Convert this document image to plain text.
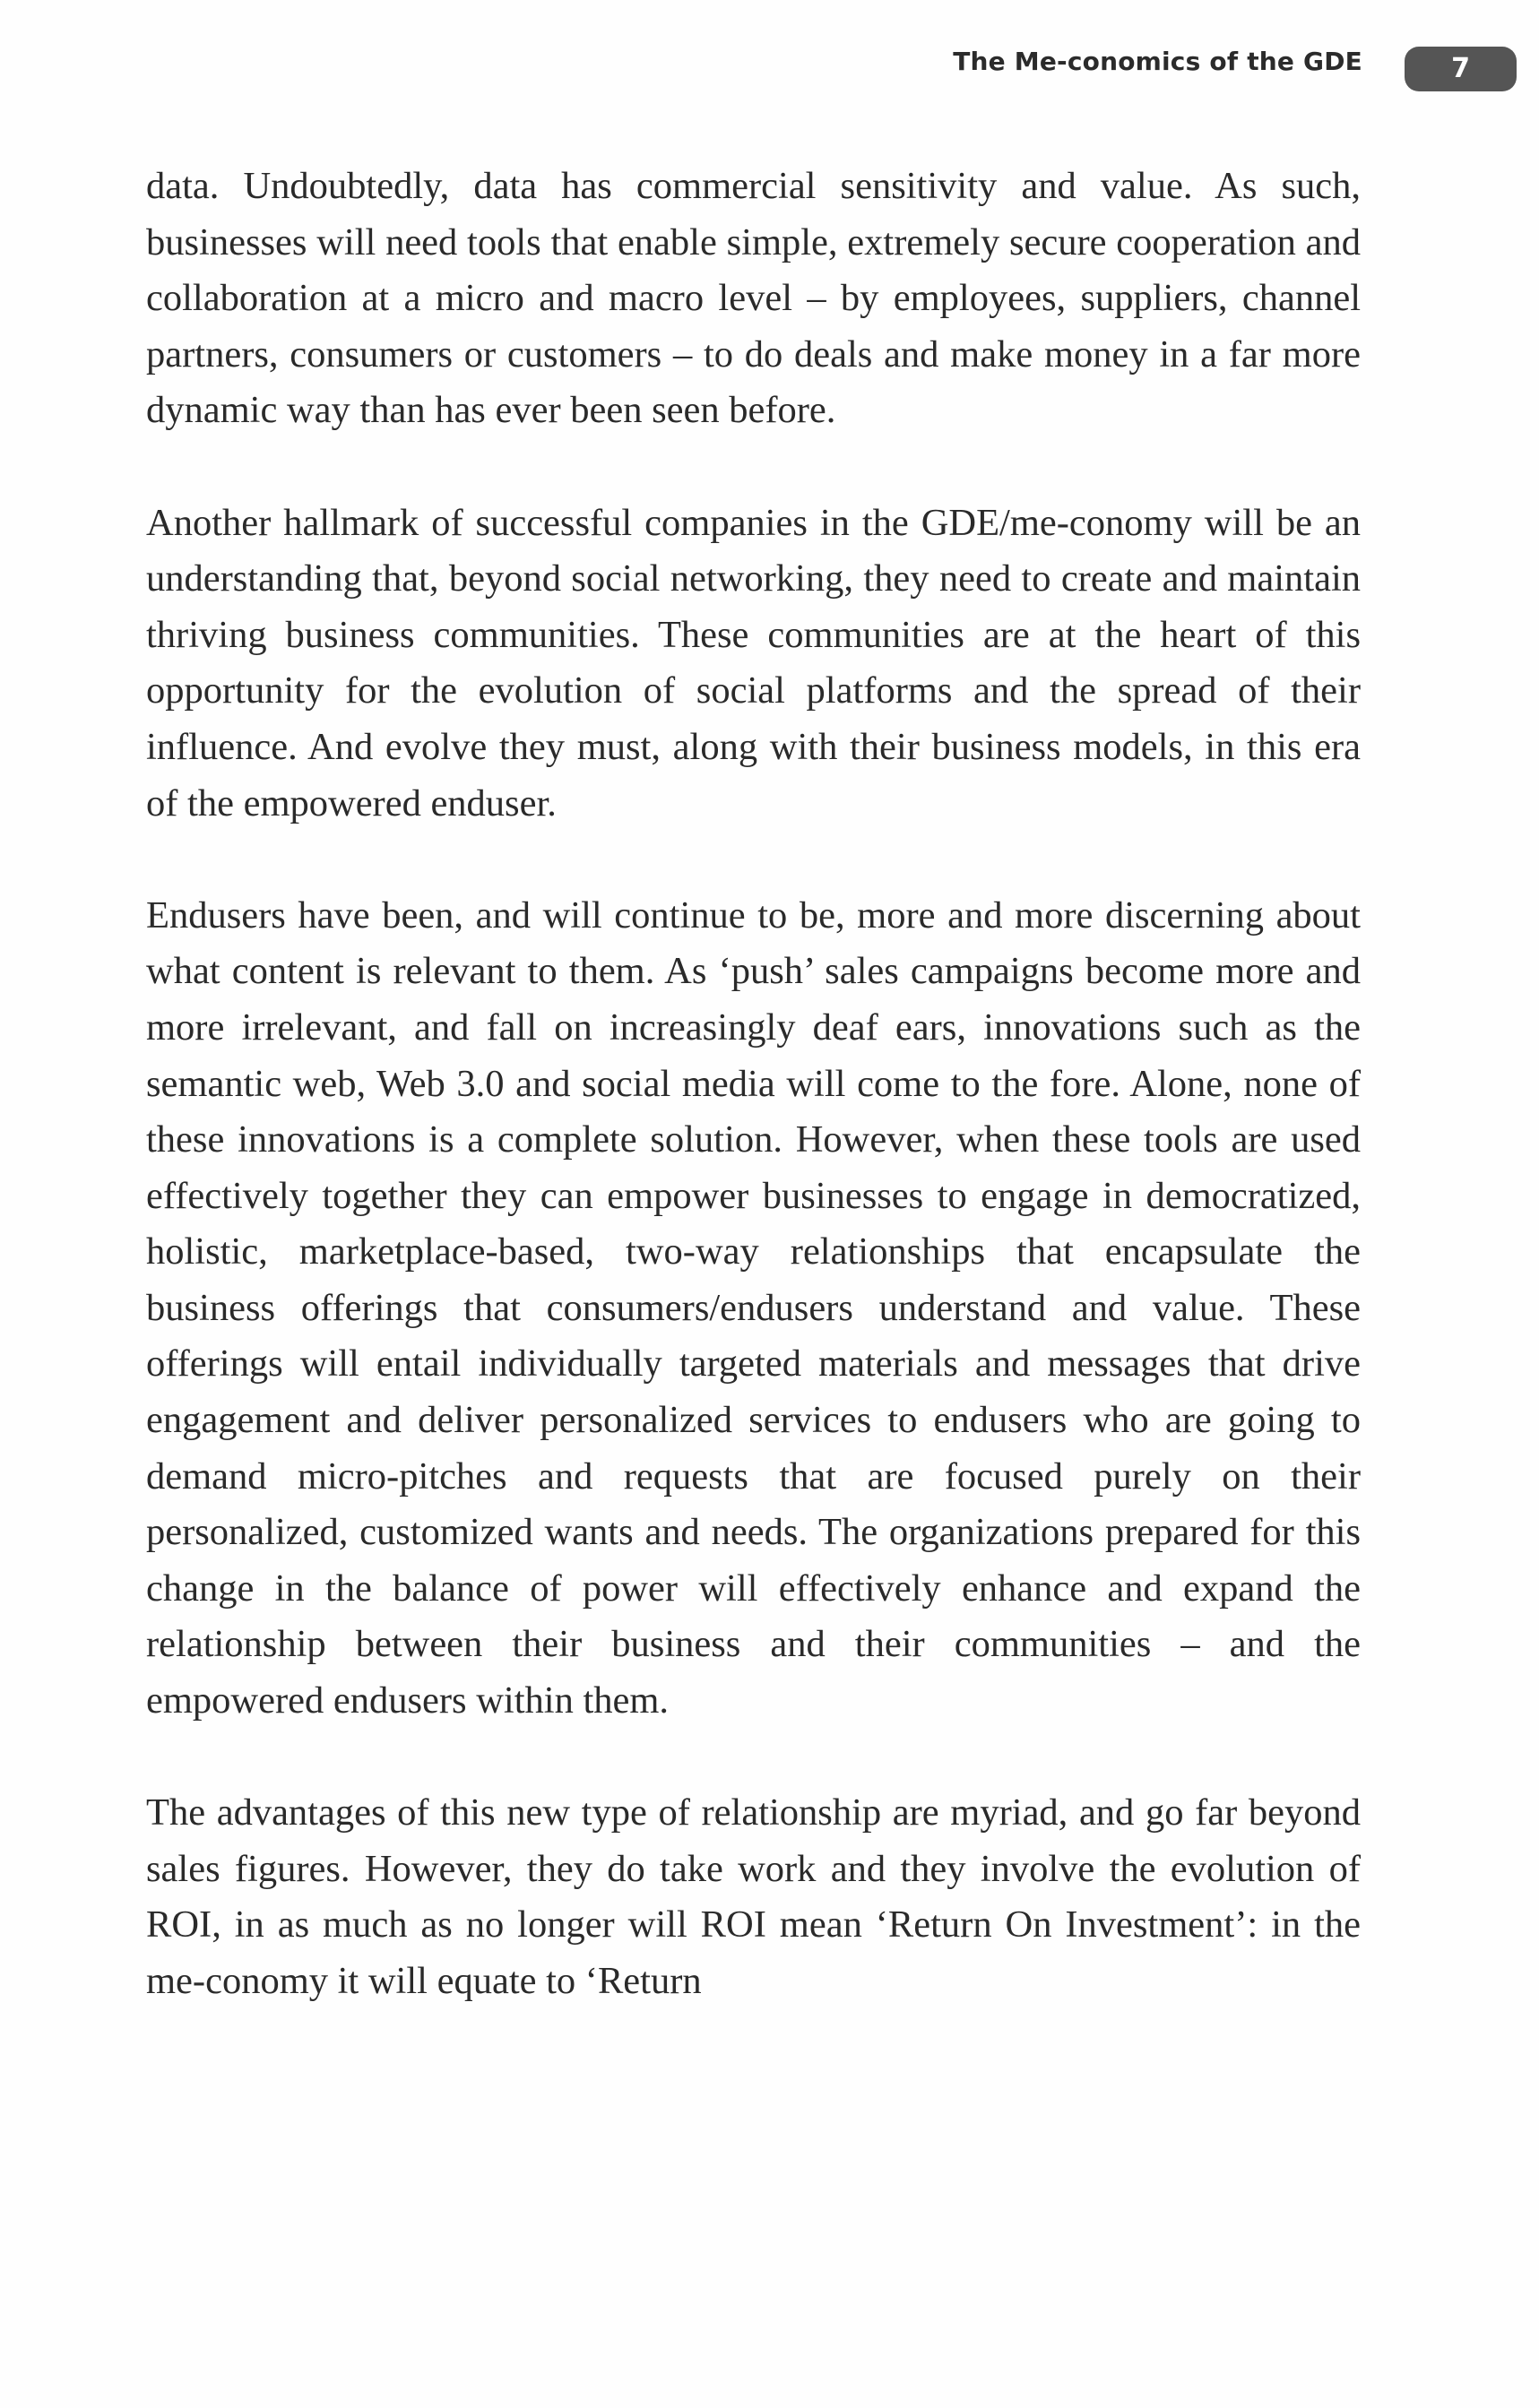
The Me-conomics of the GDE	7

data. Undoubtedly, data has commercial sensitivity and value. As such, businesses will need tools that enable simple, extremely secure cooperation and collaboration at a micro and macro level – by employees, suppliers, channel partners, consumers or customers – to do deals and make money in a far more dynamic way than has ever been seen before.

Another hallmark of successful companies in the GDE/me-conomy will be an understanding that, beyond social networking, they need to create and maintain thriving business communities. These communities are at the heart of this opportunity for the evolution of social platforms and the spread of their influence. And evolve they must, along with their business models, in this era of the empowered enduser.

Endusers have been, and will continue to be, more and more discerning about what content is relevant to them. As ‘push’ sales campaigns become more and more irrelevant, and fall on increasingly deaf ears, innovations such as the semantic web, Web 3.0 and social media will come to the fore. Alone, none of these innovations is a complete solution. However, when these tools are used effectively together they can empower businesses to engage in democratized, holistic, marketplace-based, two-way relationships that encapsulate the business offerings that consumers/endusers understand and value. These offerings will entail individually targeted materials and messages that drive engagement and deliver personalized services to endusers who are going to demand micro-pitches and requests that are focused purely on their personalized, customized wants and needs. The organizations prepared for this change in the balance of power will effectively enhance and expand the relationship between their business and their communities – and the empowered endusers within them.

The advantages of this new type of relationship are myriad, and go far beyond sales figures. However, they do take work and they involve the evolution of ROI, in as much as no longer will ROI mean ‘Return On Investment’: in the me-conomy it will equate to ‘Return
